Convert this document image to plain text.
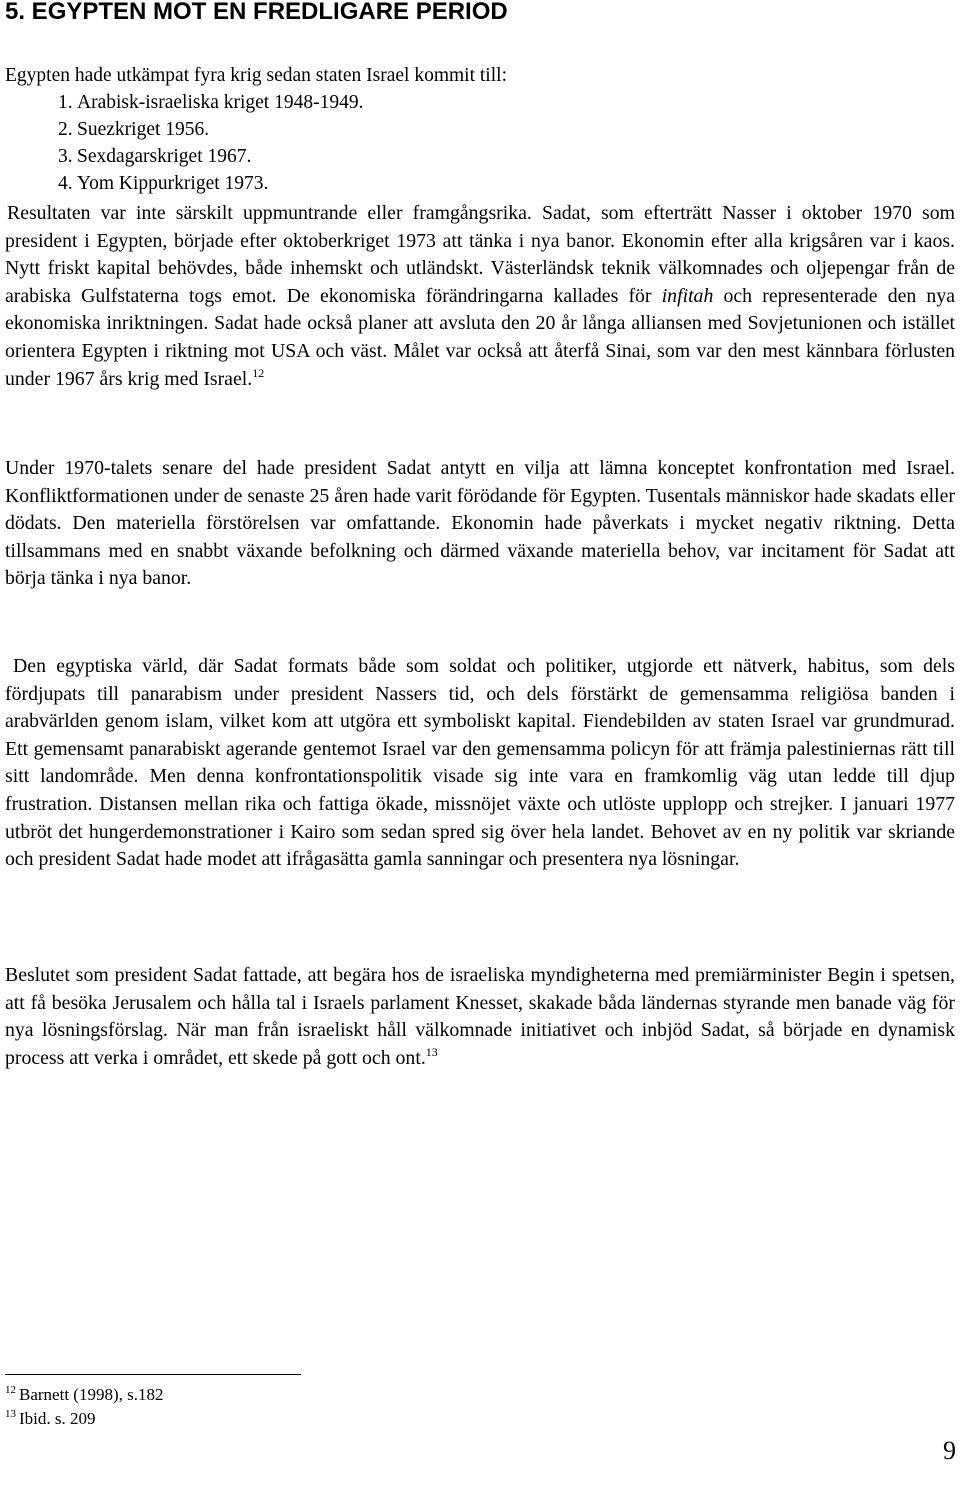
5. EGYPTEN MOT EN FREDLIGARE PERIOD

Egypten hade utkämpat fyra krig sedan staten Israel kommit till:

1. Arabisk-israeliska kriget 1948-1949.
2. Suezkriget 1956.
3. Sexdagarskriget 1967.
4. Yom Kippurkriget 1973.

Resultaten var inte särskilt uppmuntrande eller framgångsrika. Sadat, som efterträtt Nasser i oktober 1970 som president i Egypten, började efter oktoberkriget 1973 att tänka i nya banor. Ekonomin efter alla krigsåren var i kaos. Nytt friskt kapital behövdes, både inhemskt och utländskt. Västerländsk teknik välkomnades och oljepengar från de arabiska Gulfstaterna togs emot. De ekonomiska förändringarna kallades för infitah och representerade den nya ekonomiska inriktningen. Sadat hade också planer att avsluta den 20 år långa alliansen med Sovjetunionen och istället orientera Egypten i riktning mot USA och väst. Målet var också att återfå Sinai, som var den mest kännbara förlusten under 1967 års krig med Israel.$^{12}$

Under 1970-talets senare del hade president Sadat antytt en vilja att lämna konceptet konfrontation med Israel. Konfliktformationen under de senaste 25 åren hade varit förödande för Egypten. Tusentals människor hade skadats eller dödats. Den materiella förstörelsen var omfattande. Ekonomin hade påverkats i mycket negativ riktning. Detta tillsammans med en snabbt växande befolkning och därmed växande materiella behov, var incitament för Sadat att börja tänka i nya banor.

Den egyptiska värld, där Sadat formats både som soldat och politiker, utgjorde ett nätverk, habitus, som dels fördjupats till panarabism under president Nassers tid, och dels förstärkt de gemensamma religiösa banden i arabvärlden genom islam, vilket kom att utgöra ett symboliskt kapital. Fiendebilden av staten Israel var grundmurad. Ett gemensamt panarabiskt agerande gentemot Israel var den gemensamma policyn för att främja palestiniernas rätt till sitt landområde. Men denna konfrontationspolitik visade sig inte vara en framkomlig väg utan ledde till djup frustration. Distansen mellan rika och fattiga ökade, missnöjet växte och utlöste upplopp och strejker. I januari 1977 utbröt det hungerdemonstrationer i Kairo som sedan spred sig över hela landet. Behovet av en ny politik var skriande och president Sadat hade modet att ifrågasätta gamla sanningar och presentera nya lösningar.

Beslutet som president Sadat fattade, att begära hos de israeliska myndigheterna med premiärminister Begin i spetsen, att få besöka Jerusalem och hålla tal i Israels parlament Knesset, skakade båda ländernas styrande men banade väg för nya lösningsförslag. När man från israeliskt håll välkomnade initiativet och inbjöd Sadat, så började en dynamisk process att verka i området, ett skede på gott och ont.$^{13}$

$^{12}$ Barnett (1998), s.182
$^{13}$ Ibid. s. 209
9
